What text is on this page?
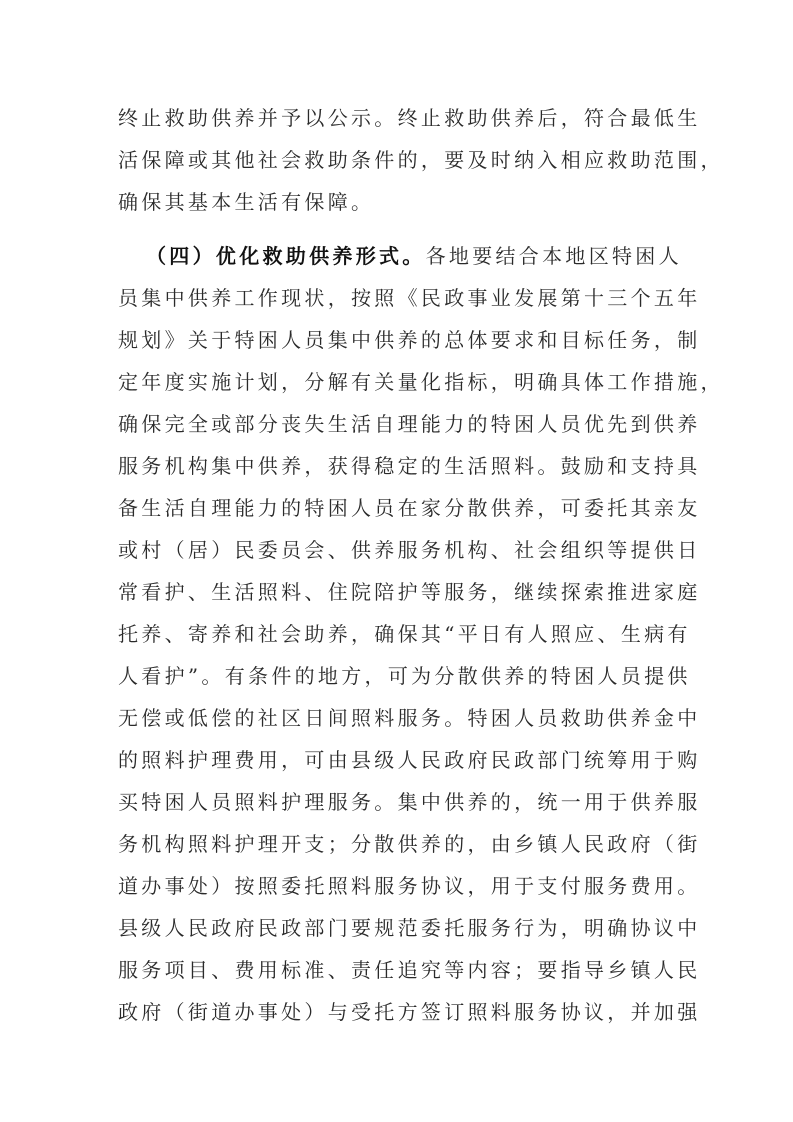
终止救助供养并予以公示。终止救助供养后，符合最低生
活保障或其他社会救助条件的，要及时纳入相应救助范围，
确保其基本生活有保障。
（四）优化救助供养形式。各地要结合本地区特困人
员集中供养工作现状，按照《民政事业发展第十三个五年
规划》关于特困人员集中供养的总体要求和目标任务，制
定年度实施计划，分解有关量化指标，明确具体工作措施，
确保完全或部分丧失生活自理能力的特困人员优先到供养
服务机构集中供养，获得稳定的生活照料。鼓励和支持具
备生活自理能力的特困人员在家分散供养，可委托其亲友
或村（居）民委员会、供养服务机构、社会组织等提供日
常看护、生活照料、住院陪护等服务，继续探索推进家庭
托养、寄养和社会助养，确保其“平日有人照应、生病有
人看护”。有条件的地方，可为分散供养的特困人员提供
无偿或低偿的社区日间照料服务。特困人员救助供养金中
的照料护理费用，可由县级人民政府民政部门统筹用于购
买特困人员照料护理服务。集中供养的，统一用于供养服
务机构照料护理开支；分散供养的，由乡镇人民政府（街
道办事处）按照委托照料服务协议，用于支付服务费用。
县级人民政府民政部门要规范委托服务行为，明确协议中
服务项目、费用标准、责任追究等内容；要指导乡镇人民
政府（街道办事处）与受托方签订照料服务协议，并加强
